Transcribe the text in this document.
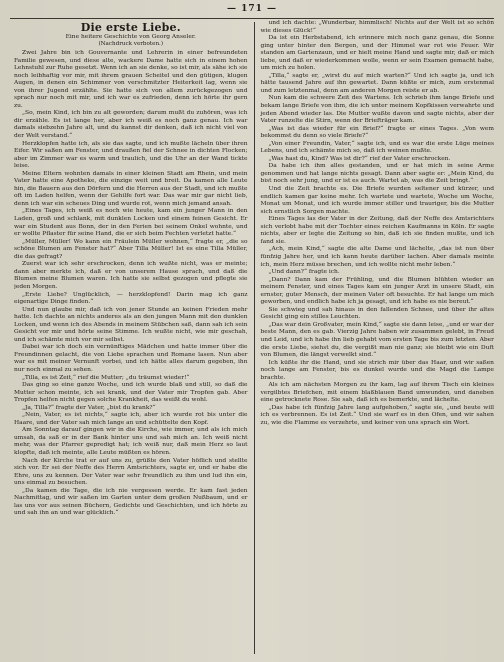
— 171 —
Die erste Liebe.
Eine heitere Geschichte von Georg Anseler.
(Nachdruck verboten.)

Zwei Jahre bin ich Gouvernante und Lehrerin in einer befreundeten Familie gewesen, und diese alte, wackere Dame hatte sich in einem hohen Lehnstuhl zur Ruhe gesetzt. Wenn ich an sie denke, so ist mir, als sähe ich sie noch leibhaftig vor mir, mit ihrem grauen Scheitel und den gütigen, klugen Augen, in denen ein Schimmer von verschmitzter Heiterkeit lag, wenn sie von ihrer Jugend erzählte. Sie hatte sich von allem zurückgezogen und sprach nur noch mit mir, und ich war es zufrieden, denn ich hörte ihr gern zu.

„So, mein Kind, ich bin zu alt geworden; darum mußt du zuhören, was ich dir erzähle. Es ist lange her, aber ich weiß es noch ganz genau. Ich war damals siebzehn Jahre alt, und du kannst dir denken, daß ich nicht viel von der Welt verstand.“

Herzklopfen hatte ich, als sie das sagte, und ich mußte lächeln über ihren Eifer. Wir saßen am Fenster, und draußen fiel der Schnee in dichten Flocken; aber im Zimmer war es warm und traulich, und die Uhr an der Wand tickte leise.

Meine Eltern wohnten damals in einer kleinen Stadt am Rhein, und mein Vater hatte eine Apotheke, die einzige weit und breit. Da kamen alle Leute hin, die Bauern aus den Dörfern und die Herren aus der Stadt, und ich mußte oft im Laden helfen, wenn der Gehilfe fort war. Das war mir gar nicht lieb, denn ich war ein scheues Ding und wurde rot, wenn mich jemand ansah.

„Eines Tages, ich weiß es noch wie heute, kam ein junger Mann in den Laden, groß und schlank, mit dunklen Locken und einem feinen Gesicht. Er war ein Student aus Bonn, der in den Ferien bei seinem Onkel wohnte, und er wollte Pflaster für seine Hand, die er sich beim Fechten verletzt hatte.“

„Müller, Müller! Wo kann ein Fräulein Müller wohnen,“ fragte er, „die so schöne Blumen am Fenster hat?“ Aber Tilla Müller! Ist es eine Tilla Müller, die das gefragt?

Zuerst war ich sehr erschrocken, denn ich wußte nicht, was er meinte; dann aber merkte ich, daß er von unserem Hause sprach, und daß die Blumen meine Blumen waren. Ich hatte sie selbst gezogen und pflegte sie jeden Morgen.

„Erste Liebe? Unglücklich, — herzklopfend! Darin mag ich ganz eigenartige Dinge finden.“

Und nun glaube mir, daß ich von jener Stunde an keinen Frieden mehr hatte. Ich dachte an nichts anderes als an den jungen Mann mit den dunklen Locken, und wenn ich des Abends in meinem Stübchen saß, dann sah ich sein Gesicht vor mir und hörte seine Stimme. Ich wußte nicht, wie mir geschah, und ich schämte mich vor mir selbst.

Dabei war ich doch ein vernünftiges Mädchen und hatte immer über die Freundinnen gelacht, die von Liebe sprachen und Romane lasen. Nun aber war es mit meiner Vernunft vorbei, und ich hätte alles darum gegeben, ihn nur noch einmal zu sehen.

„Tilla, es ist Zeit,“ rief die Mutter; „du träumst wieder!“

Das ging so eine ganze Woche, und ich wurde blaß und still, so daß die Mutter schon meinte, ich sei krank, und der Vater mir Tropfen gab. Aber Tropfen helfen nicht gegen solche Krankheit, das weißt du wohl.

„Ja, Tilla?“ fragte der Vater, „bist du krank?“

„Nein, Vater, es ist nichts,“ sagte ich, aber ich wurde rot bis unter die Haare, und der Vater sah mich lange an und schüttelte den Kopf.

Am Sonntag darauf gingen wir in die Kirche, wie immer, und als ich mich umsah, da saß er in der Bank hinter uns und sah mich an. Ich weiß nicht mehr, was der Pfarrer gepredigt hat; ich weiß nur, daß mein Herz so laut klopfte, daß ich meinte, alle Leute müßten es hören.

Nach der Kirche trat er auf uns zu, grüßte den Vater höflich und stellte sich vor. Er sei der Neffe des Herrn Amtsrichters, sagte er, und er habe die Ehre, uns zu kennen. Der Vater war sehr freundlich zu ihm und lud ihn ein, uns einmal zu besuchen.

„Da kamen die Tage, die ich nie vergessen werde. Er kam fast jeden Nachmittag, und wir saßen im Garten unter dem großen Nußbaum, und er las uns vor aus seinen Büchern, Gedichte und Geschichten, und ich hörte zu und sah ihn an und war glücklich.“

und ich dachte: „Wunderbar, himmlisch! Nichts auf der Welt ist so schön wie dieses Glück!“

Da ist ein Herbstabend, ich erinnere mich noch ganz genau, die Sonne ging unter hinter den Bergen, und der Himmel war rot wie Feuer. Wir standen am Gartenzaun, und er hielt meine Hand und sagte mir, daß er mich liebe, und daß er wiederkommen wolle, wenn er sein Examen gemacht habe, um mich zu holen.

„Tilla,“ sagte er, „wirst du auf mich warten?“ Und ich sagte ja, und ich hätte tausend Jahre auf ihn gewartet. Dann küßte er mich, zum erstenmal und zum letztenmal, denn am anderen Morgen reiste er ab.

Nun kam die schwere Zeit des Wartens. Ich schrieb ihm lange Briefe und bekam lange Briefe von ihm, die ich unter meinem Kopfkissen verwahrte und jeden Abend wieder las. Die Mutter wußte davon und sagte nichts, aber der Vater runzelte die Stirn, wenn der Briefträger kam.

„Was ist das wieder für ein Brief?“ fragte er eines Tages. „Von wem bekommst du denn so viele Briefe?“

„Von einer Freundin, Vater,“ sagte ich, und es war die erste Lüge meines Lebens, und ich schämte mich so, daß ich weinen mußte.

„Was hast du, Kind? Was ist dir?“ rief der Vater erschrocken.

Da habe ich ihm alles gestanden, und er hat mich in seine Arme genommen und hat lange nichts gesagt. Dann aber sagte er: „Mein Kind, du bist noch sehr jung, und er ist es auch. Wartet ab, was die Zeit bringt.“

Und die Zeit brachte es. Die Briefe wurden seltener und kürzer, und endlich kamen gar keine mehr. Ich wartete und wartete, Woche um Woche, Monat um Monat, und ich wurde immer stiller und trauriger, bis die Mutter sich ernstlich Sorgen machte.

Eines Tages las der Vater in der Zeitung, daß der Neffe des Amtsrichters sich verlobt habe mit der Tochter eines reichen Kaufmanns in Köln. Er sagte nichts, aber er legte die Zeitung so hin, daß ich sie finden mußte, und ich fand sie.

„Ach, mein Kind,“ sagte die alte Dame und lächelte, „das ist nun über fünfzig Jahre her, und ich kann heute darüber lachen. Aber damals meinte ich, mein Herz müsse brechen, und ich wollte nicht mehr leben.“

„Und dann?“ fragte ich.

„Dann? Dann kam der Frühling, und die Blumen blühten wieder an meinem Fenster, und eines Tages kam ein junger Arzt in unsere Stadt, ein ernster, guter Mensch, der meinen Vater oft besuchte. Er hat lange um mich geworben, und endlich habe ich ja gesagt, und ich habe es nie bereut.“

Sie schwieg und sah hinaus in den fallenden Schnee, und über ihr altes Gesicht ging ein stilles Leuchten.

„Das war dein Großvater, mein Kind,“ sagte sie dann leise, „und er war der beste Mann, den es gab. Vierzig Jahre haben wir zusammen gelebt, in Freud und Leid, und ich habe ihn lieb gehabt vom ersten Tage bis zum letzten. Aber die erste Liebe, siehst du, die vergißt man nie ganz; sie bleibt wie ein Duft von Blumen, die längst verwelkt sind.“

Ich küßte ihr die Hand, und sie strich mir über das Haar, und wir saßen noch lange am Fenster, bis es dunkel wurde und die Magd die Lampe brachte.

Als ich am nächsten Morgen zu ihr kam, lag auf ihrem Tisch ein kleines vergilbtes Briefchen, mit einem blaßblauen Band umwunden, und daneben eine getrocknete Rose. Sie sah, daß ich es bemerkte, und lächelte.

„Das habe ich fünfzig Jahre lang aufgehoben,“ sagte sie, „und heute will ich es verbrennen. Es ist Zeit.“ Und sie warf es in den Ofen, und wir sahen zu, wie die Flamme es verzehrte, und keiner von uns sprach ein Wort.
